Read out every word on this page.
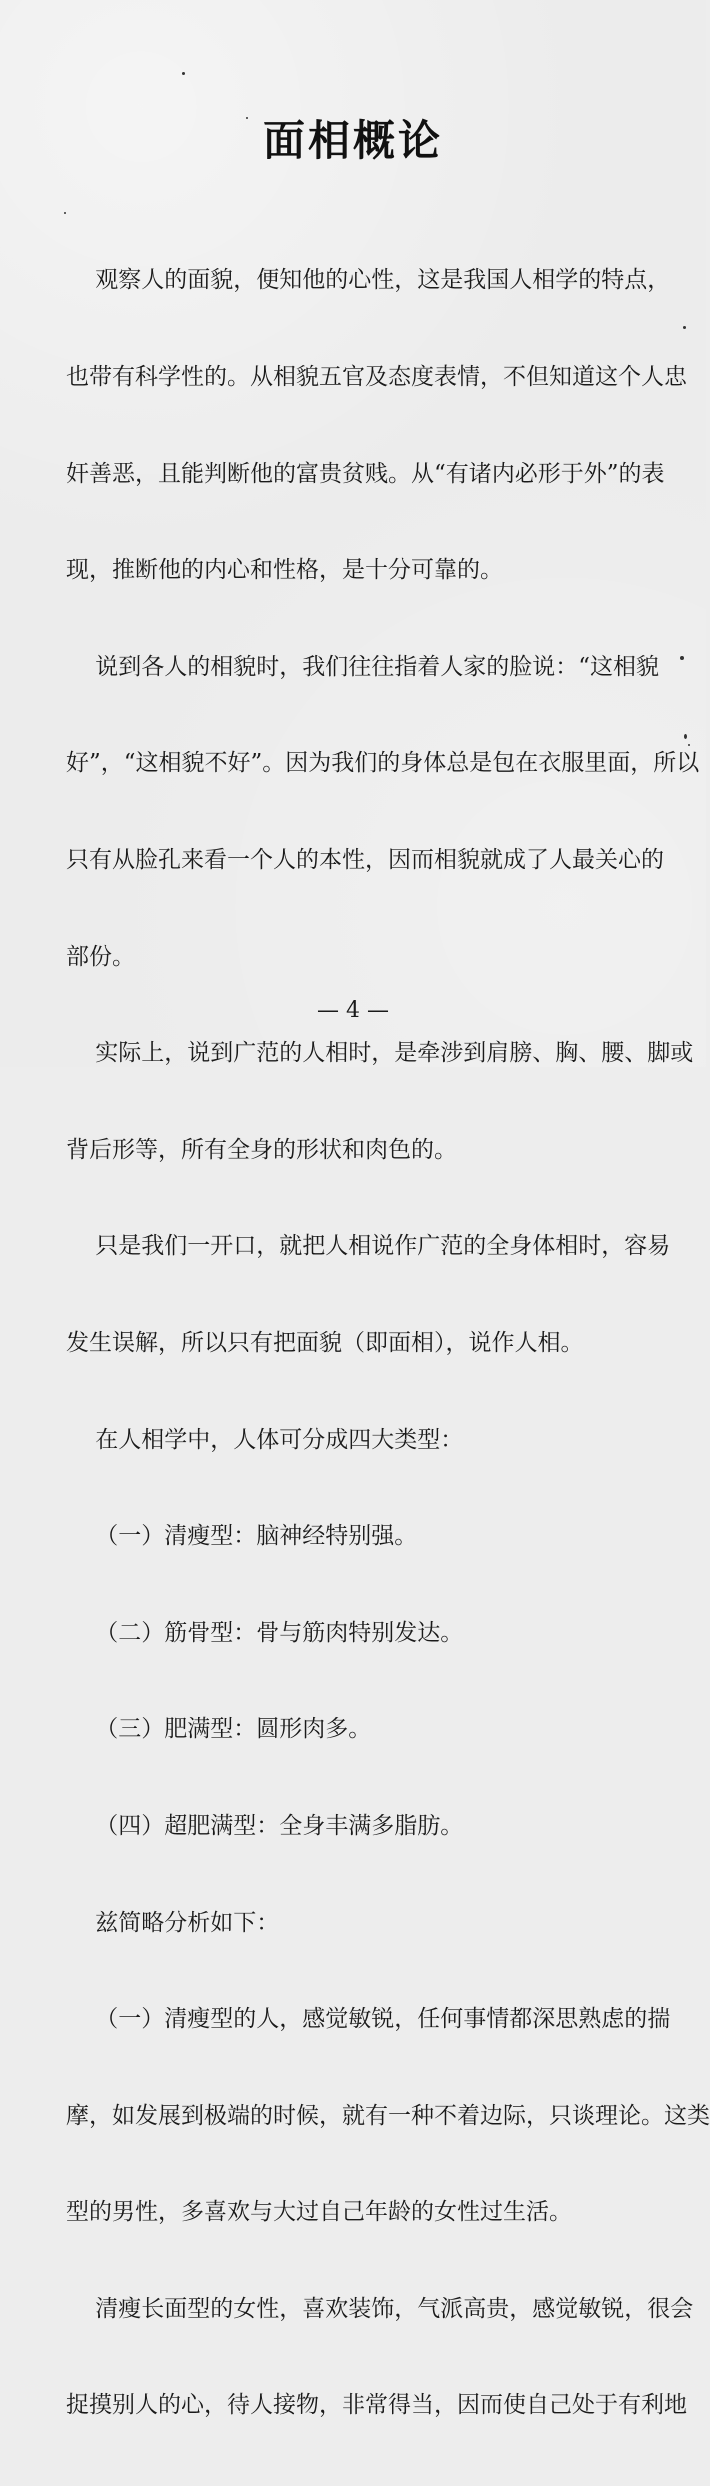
面相概论

观察人的面貌，便知他的心性，这是我国人相学的特点，

也带有科学性的。从相貌五官及态度表情，不但知道这个人忠

奸善恶，且能判断他的富贵贫贱。从“有诸内必形于外”的表

现，推断他的内心和性格，是十分可靠的。

说到各人的相貌时，我们往往指着人家的脸说：“这相貌

好”，“这相貌不好”。因为我们的身体总是包在衣服里面，所以

只有从脸孔来看一个人的本性，因而相貌就成了人最关心的

部份。

实际上，说到广范的人相时，是牵涉到肩膀、胸、腰、脚或

背后形等，所有全身的形状和肉色的。

只是我们一开口，就把人相说作广范的全身体相时，容易

发生误解，所以只有把面貌（即面相），说作人相。

在人相学中，人体可分成四大类型：

（一）清瘦型：脑神经特别强。

（二）筋骨型：骨与筋肉特别发达。

（三）肥满型：圆形肉多。

（四）超肥满型：全身丰满多脂肪。

兹简略分析如下：

（一）清瘦型的人，感觉敏锐，任何事情都深思熟虑的揣

摩，如发展到极端的时候，就有一种不着边际，只谈理论。这类

型的男性，多喜欢与大过自己年龄的女性过生活。

清瘦长面型的女性，喜欢装饰，气派高贵，感觉敏锐，很会

捉摸别人的心，待人接物，非常得当，因而使自己处于有利地

— 4 —
